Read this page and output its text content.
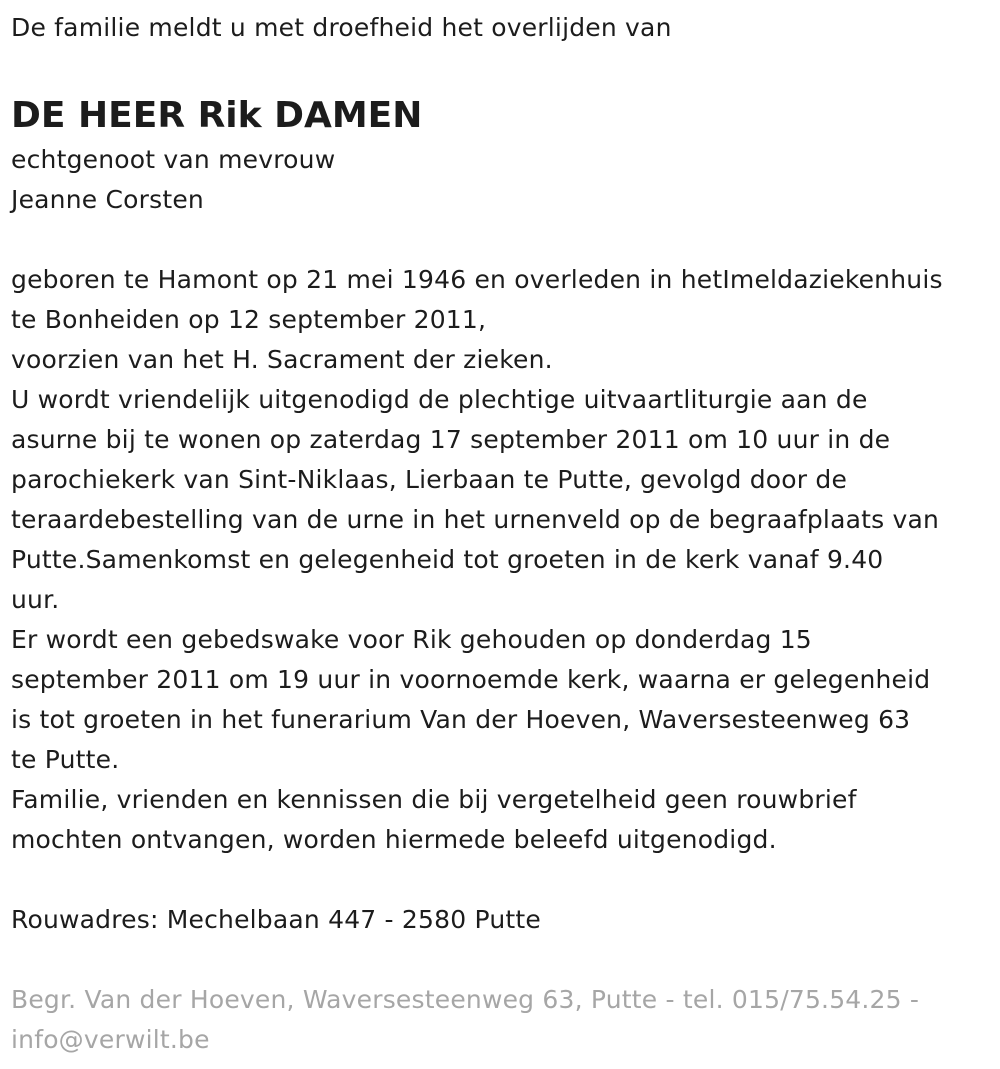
De familie meldt u met droefheid het overlijden van
DE HEER Rik DAMEN
echtgenoot van mevrouw
Jeanne Corsten
geboren te Hamont op 21 mei 1946 en overleden in hetImeldaziekenhuis
te Bonheiden op 12 september 2011,
voorzien van het H. Sacrament der zieken.
U wordt vriendelijk uitgenodigd de plechtige uitvaartliturgie aan de
asurne bij te wonen op zaterdag 17 september 2011 om 10 uur in de
parochiekerk van Sint-Niklaas, Lierbaan te Putte, gevolgd door de
teraardebestelling van de urne in het urnenveld op de begraafplaats van
Putte.Samenkomst en gelegenheid tot groeten in de kerk vanaf 9.40
uur.
Er wordt een gebedswake voor Rik gehouden op donderdag 15
september 2011 om 19 uur in voornoemde kerk, waarna er gelegenheid
is tot groeten in het funerarium Van der Hoeven, Waversesteenweg 63
te Putte.
Familie, vrienden en kennissen die bij vergetelheid geen rouwbrief
mochten ontvangen, worden hiermede beleefd uitgenodigd.
Rouwadres: Mechelbaan 447 - 2580 Putte
Begr. Van der Hoeven, Waversesteenweg 63, Putte - tel. 015/75.54.25 -
info@verwilt.be
